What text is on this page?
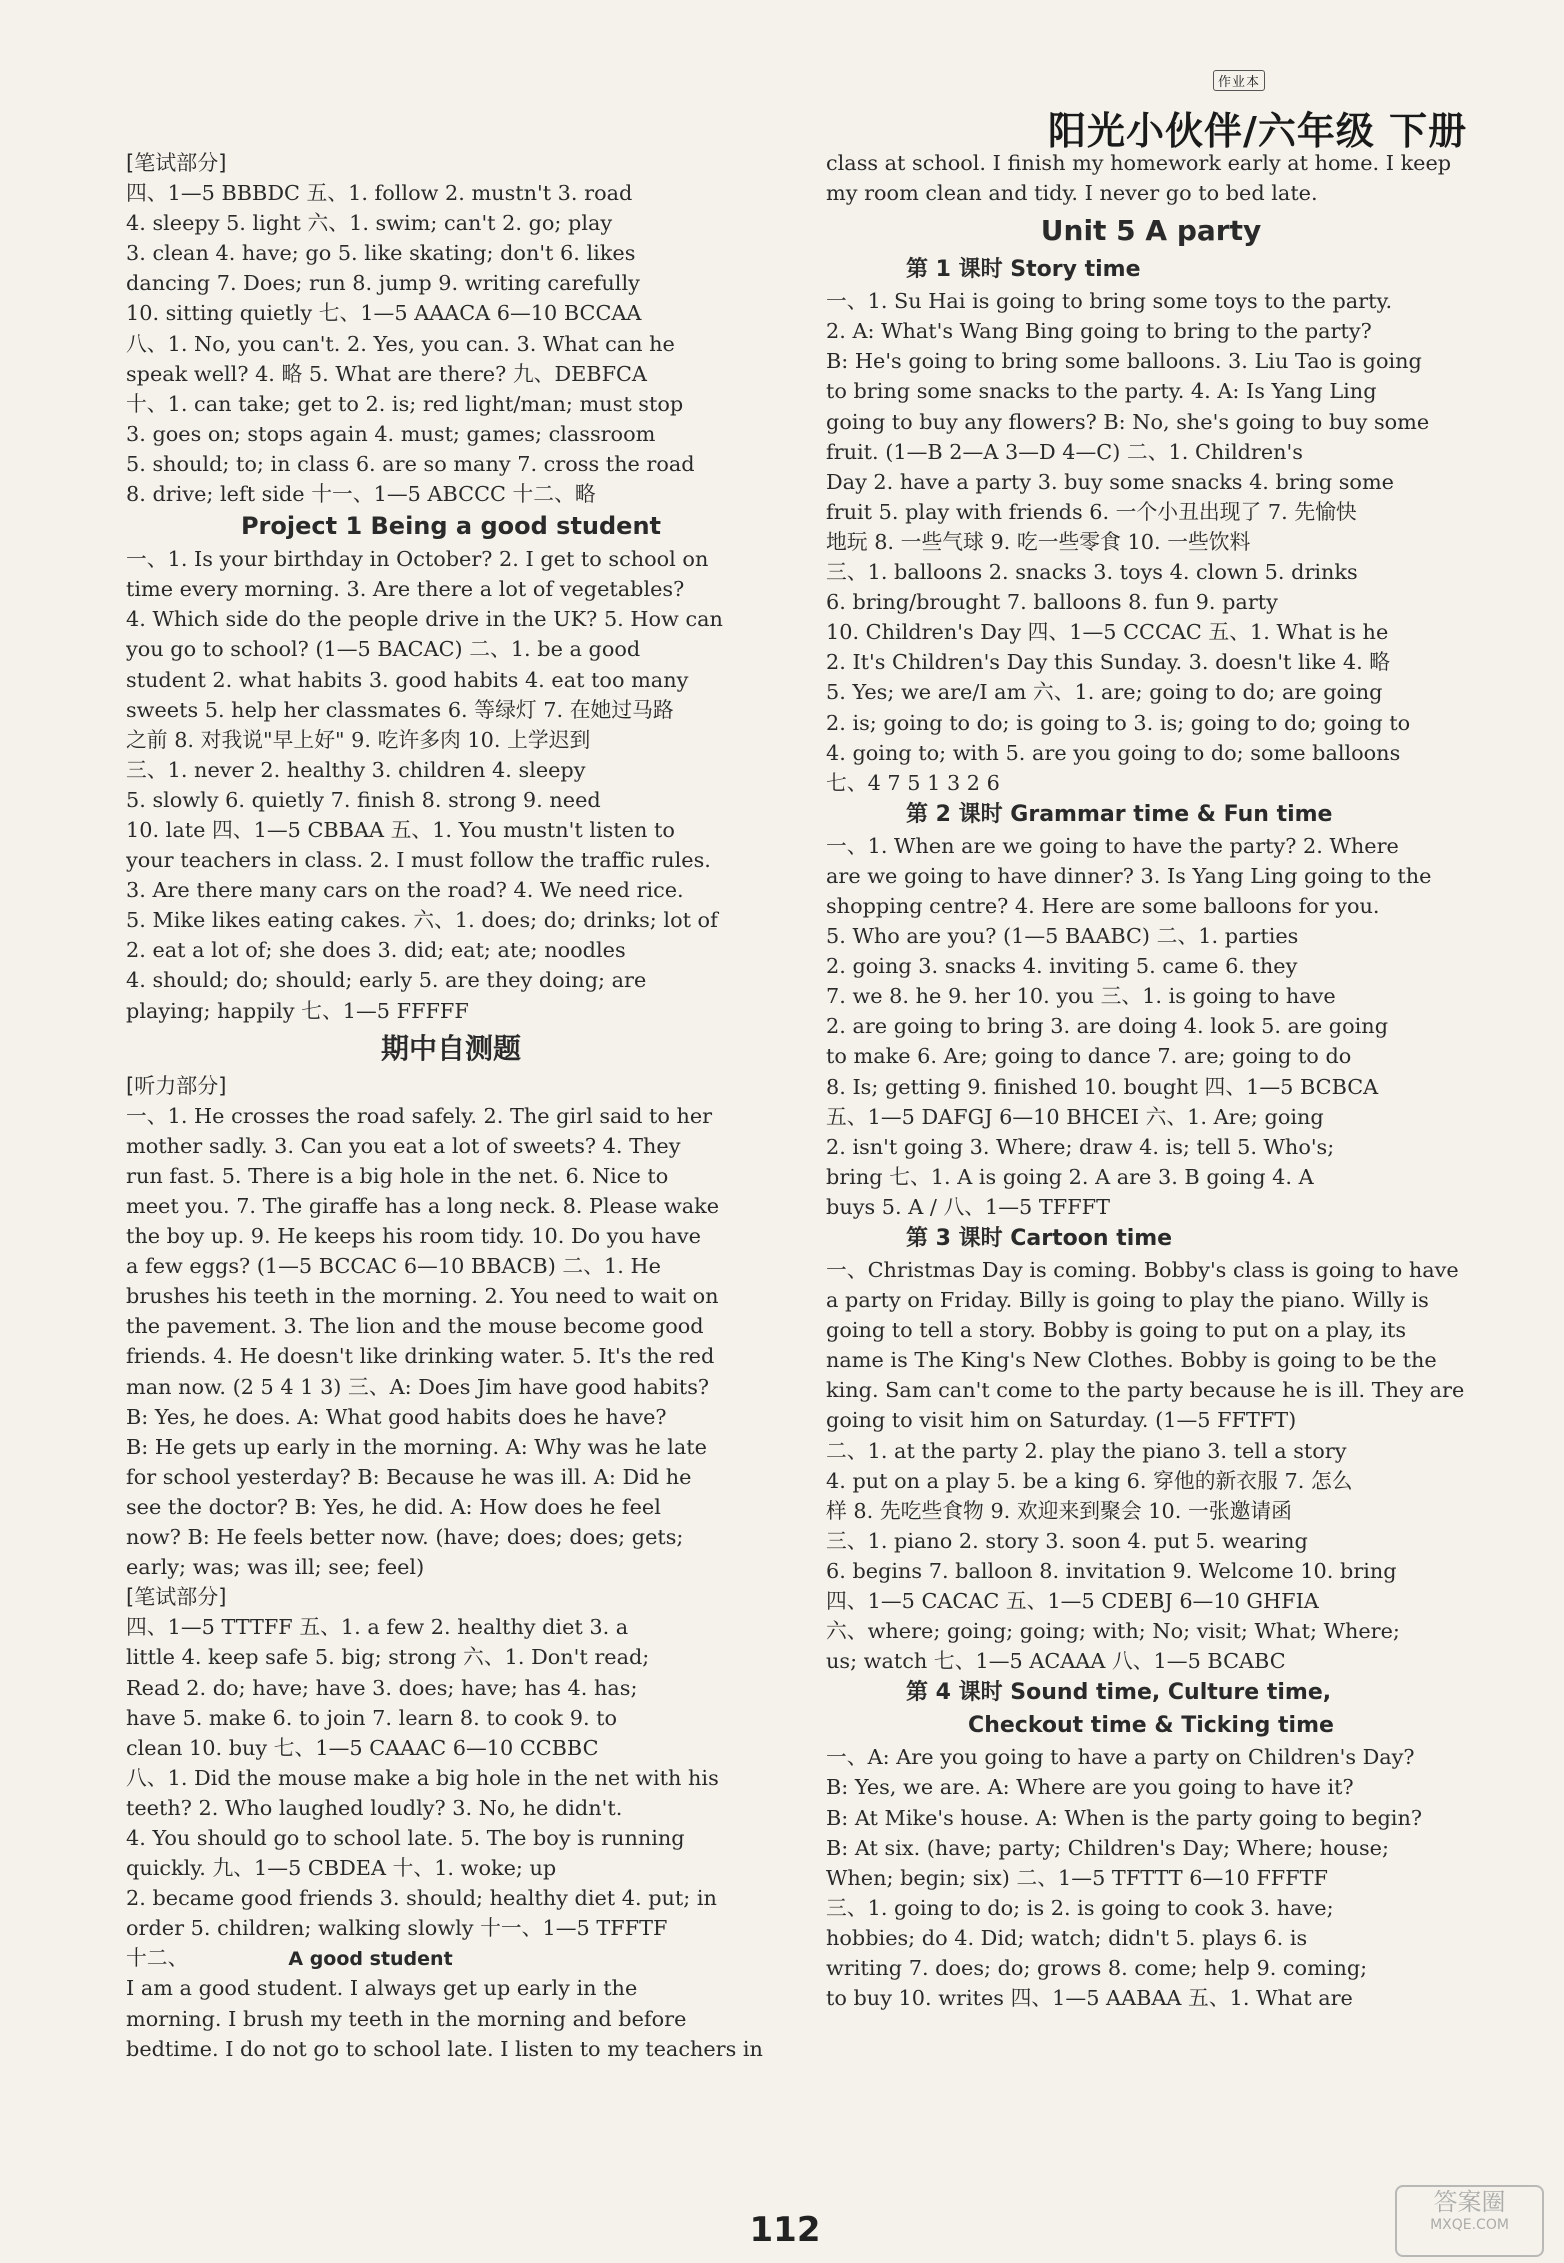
作业本
阳光小伙伴/六年级 下册
[笔试部分]
四、1—5 BBBDC 五、1. follow 2. mustn't 3. road
4. sleepy 5. light 六、1. swim; can't 2. go; play
3. clean 4. have; go 5. like skating; don't 6. likes
dancing 7. Does; run 8. jump 9. writing carefully
10. sitting quietly 七、1—5 AAACA 6—10 BCCAA
八、1. No, you can't. 2. Yes, you can. 3. What can he
speak well? 4. 略 5. What are there? 九、DEBFCA
十、1. can take; get to 2. is; red light/man; must stop
3. goes on; stops again 4. must; games; classroom
5. should; to; in class 6. are so many 7. cross the road
8. drive; left side 十一、1—5 ABCCC 十二、略
Project 1 Being a good student
一、1. Is your birthday in October? 2. I get to school on
time every morning. 3. Are there a lot of vegetables?
4. Which side do the people drive in the UK? 5. How can
you go to school? (1—5 BACAC) 二、1. be a good
student 2. what habits 3. good habits 4. eat too many
sweets 5. help her classmates 6. 等绿灯 7. 在她过马路
之前 8. 对我说"早上好" 9. 吃许多肉 10. 上学迟到
三、1. never 2. healthy 3. children 4. sleepy
5. slowly 6. quietly 7. finish 8. strong 9. need
10. late 四、1—5 CBBAA 五、1. You mustn't listen to
your teachers in class. 2. I must follow the traffic rules.
3. Are there many cars on the road? 4. We need rice.
5. Mike likes eating cakes. 六、1. does; do; drinks; lot of
2. eat a lot of; she does 3. did; eat; ate; noodles
4. should; do; should; early 5. are they doing; are
playing; happily 七、1—5 FFFFF
期中自测题
[听力部分]
一、1. He crosses the road safely. 2. The girl said to her
mother sadly. 3. Can you eat a lot of sweets? 4. They
run fast. 5. There is a big hole in the net. 6. Nice to
meet you. 7. The giraffe has a long neck. 8. Please wake
the boy up. 9. He keeps his room tidy. 10. Do you have
a few eggs? (1—5 BCCAC 6—10 BBACB) 二、1. He
brushes his teeth in the morning. 2. You need to wait on
the pavement. 3. The lion and the mouse become good
friends. 4. He doesn't like drinking water. 5. It's the red
man now. (2 5 4 1 3) 三、A: Does Jim have good habits?
B: Yes, he does. A: What good habits does he have?
B: He gets up early in the morning. A: Why was he late
for school yesterday? B: Because he was ill. A: Did he
see the doctor? B: Yes, he did. A: How does he feel
now? B: He feels better now. (have; does; does; gets;
early; was; was ill; see; feel)
[笔试部分]
四、1—5 TTTFF 五、1. a few 2. healthy diet 3. a
little 4. keep safe 5. big; strong 六、1. Don't read;
Read 2. do; have; have 3. does; have; has 4. has;
have 5. make 6. to join 7. learn 8. to cook 9. to
clean 10. buy 七、1—5 CAAAC 6—10 CCBBC
八、1. Did the mouse make a big hole in the net with his
teeth? 2. Who laughed loudly? 3. No, he didn't.
4. You should go to school late. 5. The boy is running
quickly. 九、1—5 CBDEA 十、1. woke; up
2. became good friends 3. should; healthy diet 4. put; in
order 5. children; walking slowly 十一、1—5 TFFTF
十二、	A good student
I am a good student. I always get up early in the
morning. I brush my teeth in the morning and before
bedtime. I do not go to school late. I listen to my teachers in
class at school. I finish my homework early at home. I keep
my room clean and tidy. I never go to bed late.
Unit 5 A party
第 1 课时 Story time
一、1. Su Hai is going to bring some toys to the party.
2. A: What's Wang Bing going to bring to the party?
B: He's going to bring some balloons. 3. Liu Tao is going
to bring some snacks to the party. 4. A: Is Yang Ling
going to buy any flowers? B: No, she's going to buy some
fruit. (1—B 2—A 3—D 4—C) 二、1. Children's
Day 2. have a party 3. buy some snacks 4. bring some
fruit 5. play with friends 6. 一个小丑出现了 7. 先愉快
地玩 8. 一些气球 9. 吃一些零食 10. 一些饮料
三、1. balloons 2. snacks 3. toys 4. clown 5. drinks
6. bring/brought 7. balloons 8. fun 9. party
10. Children's Day 四、1—5 CCCAC 五、1. What is he
2. It's Children's Day this Sunday. 3. doesn't like 4. 略
5. Yes; we are/I am 六、1. are; going to do; are going
2. is; going to do; is going to 3. is; going to do; going to
4. going to; with 5. are you going to do; some balloons
七、4 7 5 1 3 2 6
第 2 课时 Grammar time & Fun time
一、1. When are we going to have the party? 2. Where
are we going to have dinner? 3. Is Yang Ling going to the
shopping centre? 4. Here are some balloons for you.
5. Who are you? (1—5 BAABC) 二、1. parties
2. going 3. snacks 4. inviting 5. came 6. they
7. we 8. he 9. her 10. you 三、1. is going to have
2. are going to bring 3. are doing 4. look 5. are going
to make 6. Are; going to dance 7. are; going to do
8. Is; getting 9. finished 10. bought 四、1—5 BCBCA
五、1—5 DAFGJ 6—10 BHCEI 六、1. Are; going
2. isn't going 3. Where; draw 4. is; tell 5. Who's;
bring 七、1. A is going 2. A are 3. B going 4. A
buys 5. A / 八、1—5 TFFFT
第 3 课时 Cartoon time
一、Christmas Day is coming. Bobby's class is going to have
a party on Friday. Billy is going to play the piano. Willy is
going to tell a story. Bobby is going to put on a play, its
name is The King's New Clothes. Bobby is going to be the
king. Sam can't come to the party because he is ill. They are
going to visit him on Saturday. (1—5 FFTFT)
二、1. at the party 2. play the piano 3. tell a story
4. put on a play 5. be a king 6. 穿他的新衣服 7. 怎么
样 8. 先吃些食物 9. 欢迎来到聚会 10. 一张邀请函
三、1. piano 2. story 3. soon 4. put 5. wearing
6. begins 7. balloon 8. invitation 9. Welcome 10. bring
四、1—5 CACAC 五、1—5 CDEBJ 6—10 GHFIA
六、where; going; going; with; No; visit; What; Where;
us; watch 七、1—5 ACAAA 八、1—5 BCABC
第 4 课时 Sound time, Culture time,
Checkout time & Ticking time
一、A: Are you going to have a party on Children's Day?
B: Yes, we are. A: Where are you going to have it?
B: At Mike's house. A: When is the party going to begin?
B: At six. (have; party; Children's Day; Where; house;
When; begin; six) 二、1—5 TFTTT 6—10 FFFTF
三、1. going to do; is 2. is going to cook 3. have;
hobbies; do 4. Did; watch; didn't 5. plays 6. is
writing 7. does; do; grows 8. come; help 9. coming;
to buy 10. writes 四、1—5 AABAA 五、1. What are
112
答案圈
MXQE.COM
